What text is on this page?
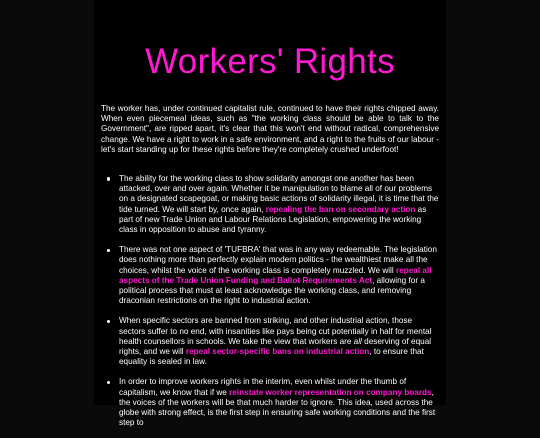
Workers' Rights

The worker has, under continued capitalist rule, continued to have their rights chipped away. When even piecemeal ideas, such as "the working class should be able to talk to the Government", are ripped apart, it's clear that this won't end without radical, comprehensive change. We have a right to work in a safe environment, and a right to the fruits of our labour - let's start standing up for these rights before they're completely crushed underfoot!

The ability for the working class to show solidarity amongst one another has been attacked, over and over again. Whether it be manipulation to blame all of our problems on a designated scapegoat, or making basic actions of solidarity illegal, it is time that the tide turned. We will start by, once again, repealing the ban on secondary action as part of new Trade Union and Labour Relations Legislation, empowering the working class in opposition to abuse and tyranny.
There was not one aspect of 'TUFBRA' that was in any way redeemable. The legislation does nothing more than perfectly explain modern politics - the wealthiest make all the choices, whilst the voice of the working class is completely muzzled. We will repeal all aspects of the Trade Union Funding and Ballot Requirements Act, allowing for a political process that must at least acknowledge the working class, and removing draconian restrictions on the right to industrial action.
When specific sectors are banned from striking, and other industrial action, those sectors suffer to no end, with insanities like pays being cut potentially in half for mental health counsellors in schools. We take the view that workers are all deserving of equal rights, and we will repeal sector-specific bans on industrial action, to ensure that equality is sealed in law.
In order to improve workers rights in the interim, even whilst under the thumb of capitalism, we know that if we reinstate worker representation on company boards, the voices of the workers will be that much harder to ignore. This idea, used across the globe with strong effect, is the first step in ensuring safe working conditions and the first step to
